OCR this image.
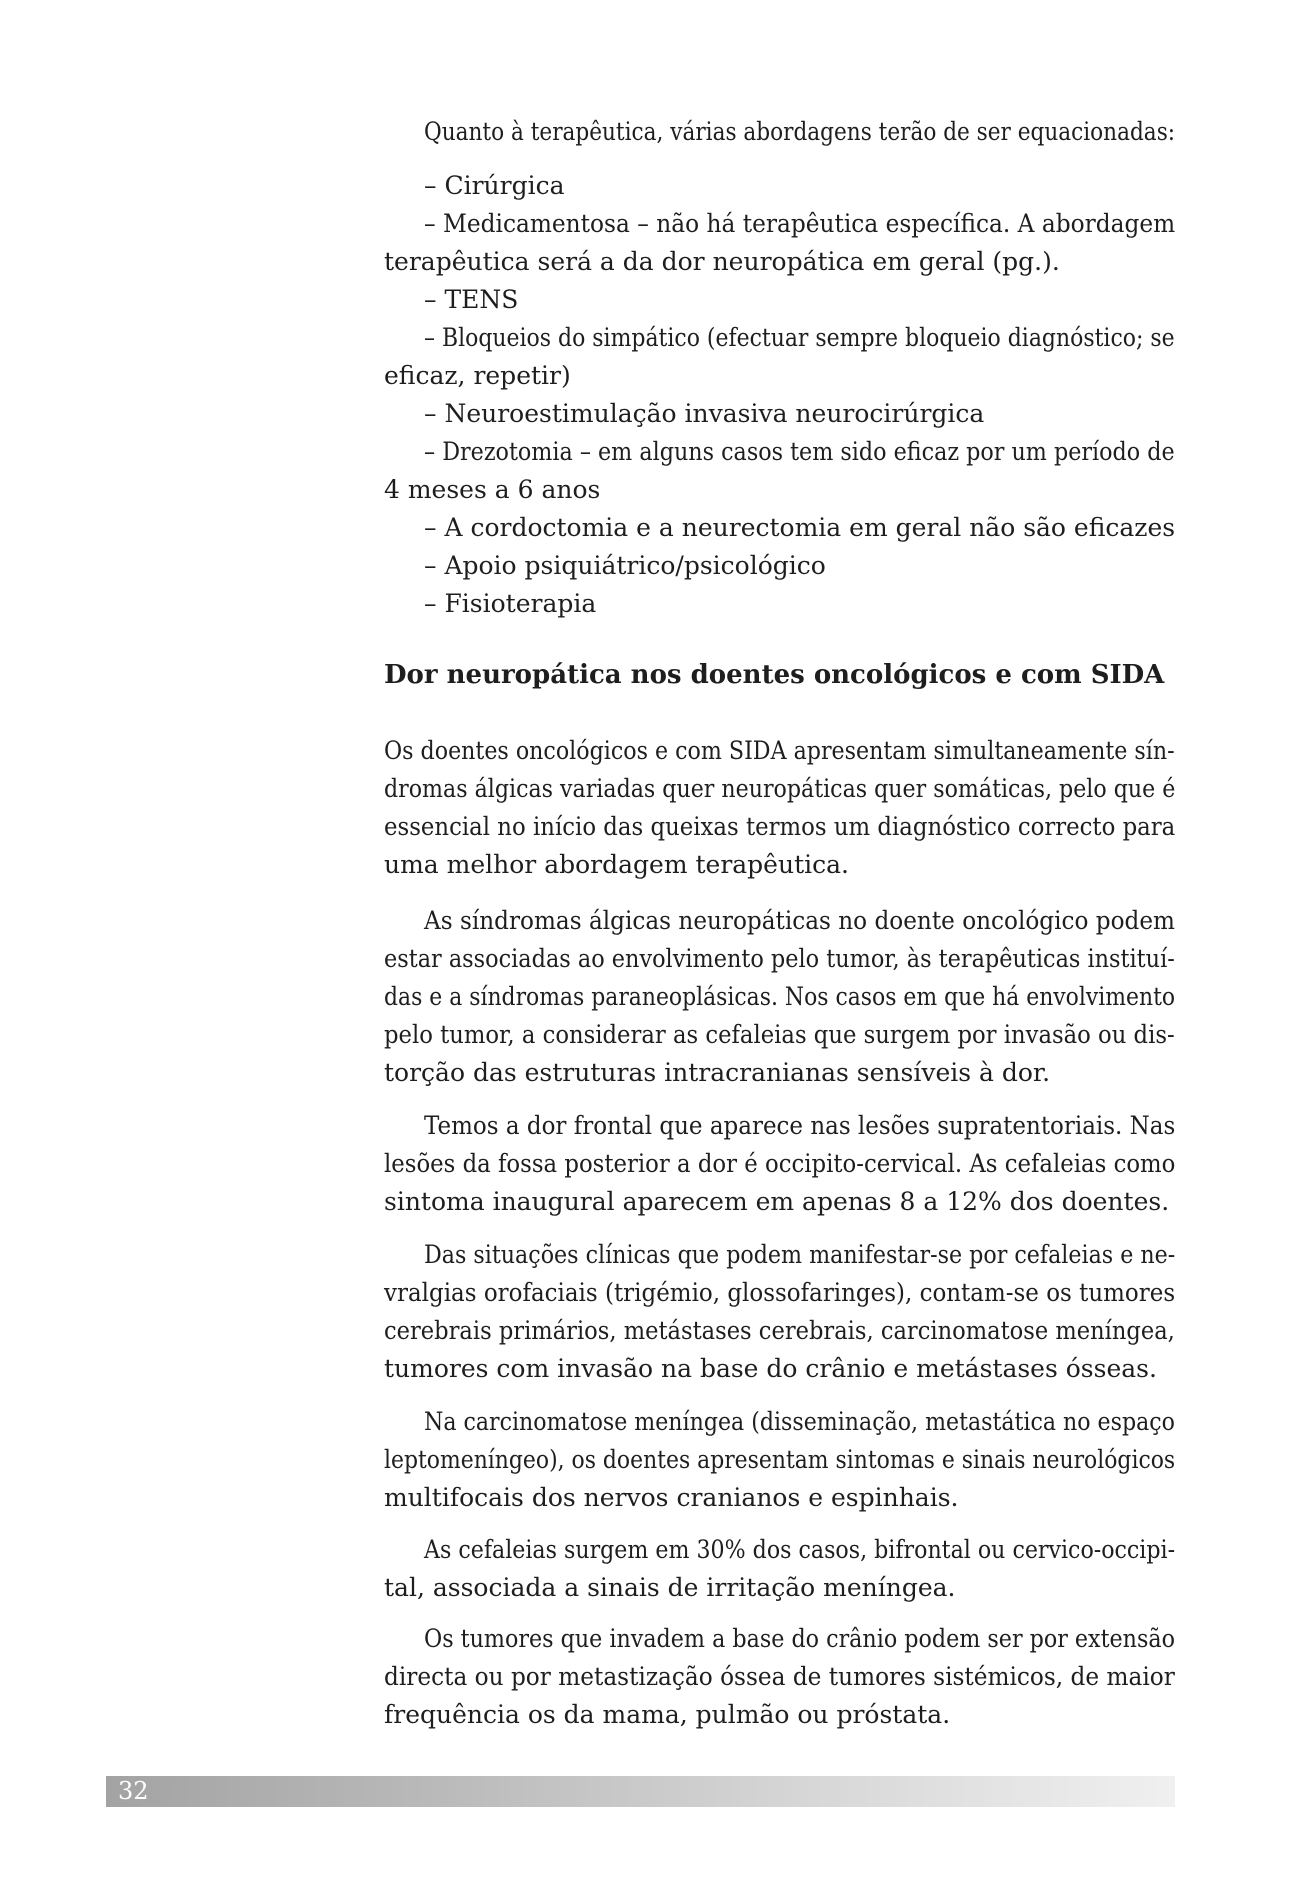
Quanto à terapêutica, várias abordagens terão de ser equacionadas:
– Cirúrgica
– Medicamentosa – não há terapêutica específica. A abordagem
terapêutica será a da dor neuropática em geral (pg.).
– TENS
– Bloqueios do simpático (efectuar sempre bloqueio diagnóstico; se
eficaz, repetir)
– Neuroestimulação invasiva neurocirúrgica
– Drezotomia – em alguns casos tem sido eficaz por um período de
4 meses a 6 anos
– A cordoctomia e a neurectomia em geral não são eficazes
– Apoio psiquiátrico/psicológico
– Fisioterapia
Dor neuropática nos doentes oncológicos e com SIDA
Os doentes oncológicos e com SIDA apresentam simultaneamente sín-
dromas álgicas variadas quer neuropáticas quer somáticas, pelo que é
essencial no início das queixas termos um diagnóstico correcto para
uma melhor abordagem terapêutica.
As síndromas álgicas neuropáticas no doente oncológico podem
estar associadas ao envolvimento pelo tumor, às terapêuticas instituí-
das e a síndromas paraneoplásicas. Nos casos em que há envolvimento
pelo tumor, a considerar as cefaleias que surgem por invasão ou dis-
torção das estruturas intracranianas sensíveis à dor.
Temos a dor frontal que aparece nas lesões supratentoriais. Nas
lesões da fossa posterior a dor é occipito-cervical. As cefaleias como
sintoma inaugural aparecem em apenas 8 a 12% dos doentes.
Das situações clínicas que podem manifestar-se por cefaleias e ne-
vralgias orofaciais (trigémio, glossofaringes), contam-se os tumores
cerebrais primários, metástases cerebrais, carcinomatose meníngea,
tumores com invasão na base do crânio e metástases ósseas.
Na carcinomatose meníngea (disseminação, metastática no espaço
leptomeníngeo), os doentes apresentam sintomas e sinais neurológicos
multifocais dos nervos cranianos e espinhais.
As cefaleias surgem em 30% dos casos, bifrontal ou cervico-occipi-
tal, associada a sinais de irritação meníngea.
Os tumores que invadem a base do crânio podem ser por extensão
directa ou por metastização óssea de tumores sistémicos, de maior
frequência os da mama, pulmão ou próstata.
32
